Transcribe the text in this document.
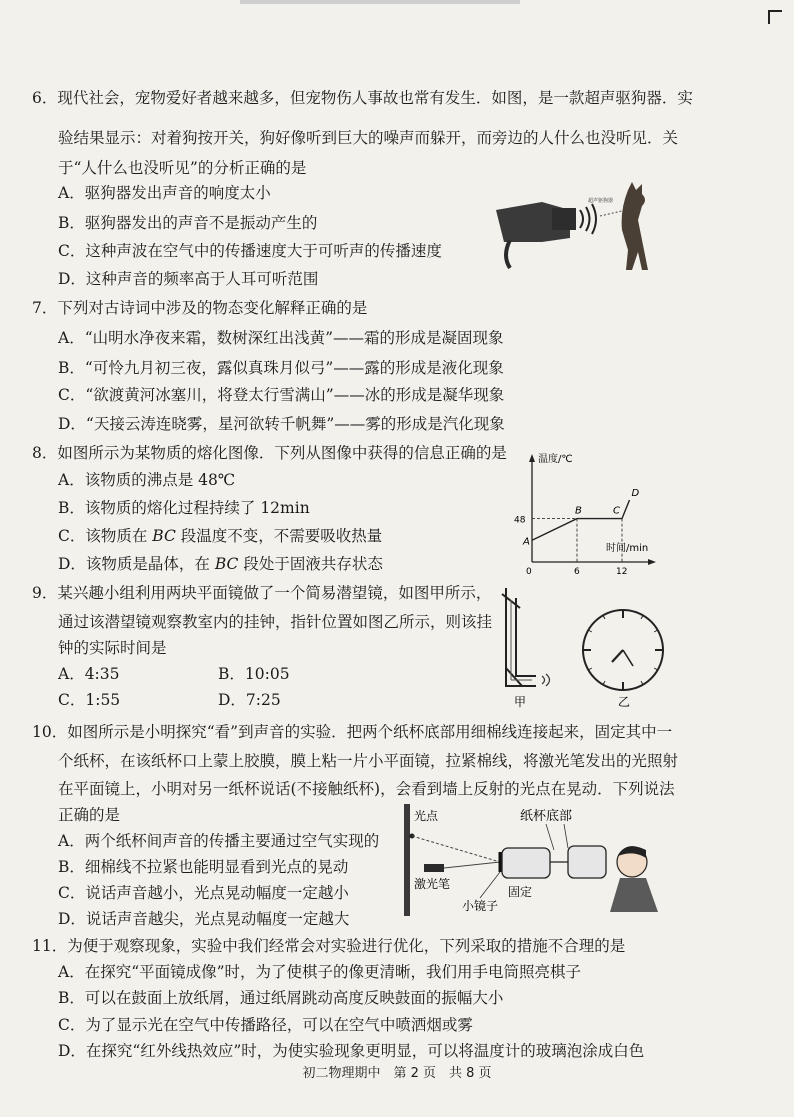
6．现代社会，宠物爱好者越来越多，但宠物伤人事故也常有发生．如图，是一款超声驱狗器．实
验结果显示：对着狗按开关，狗好像听到巨大的噪声而躲开，而旁边的人什么也没听见．关
于“人什么也没听见”的分析正确的是
A．驱狗器发出声音的响度太小
B．驱狗器发出的声音不是振动产生的
C．这种声波在空气中的传播速度大于可听声的传播速度
D．这种声音的频率高于人耳可听范围
超声驱狗器
7．下列对古诗词中涉及的物态变化解释正确的是
A．“山明水净夜来霜，数树深红出浅黄”——霜的形成是凝固现象
B．“可怜九月初三夜，露似真珠月似弓”——露的形成是液化现象
C．“欲渡黄河冰塞川，将登太行雪满山”——冰的形成是凝华现象
D．“天接云涛连晓雾，星河欲转千帆舞”——雾的形成是汽化现象
8．如图所示为某物质的熔化图像．下列从图像中获得的信息正确的是
A．该物质的沸点是 48℃
B．该物质的熔化过程持续了 12min
C．该物质在 BC 段温度不变，不需要吸收热量
D．该物质是晶体，在 BC 段处于固液共存状态
温度/℃
时间/min
48
0	6	12
A
B	C
D
9．某兴趣小组利用两块平面镜做了一个简易潜望镜，如图甲所示，
通过该潜望镜观察教室内的挂钟，指针位置如图乙所示，则该挂
钟的实际时间是
A．4:35	B．10:05
C．1:55	D．7:25	甲	乙
10．如图所示是小明探究“看”到声音的实验．把两个纸杯底部用细棉线连接起来，固定其中一
个纸杯，在该纸杯口上蒙上胶膜，膜上粘一片小平面镜，拉紧棉线，将激光笔发出的光照射
在平面镜上，小明对另一纸杯说话(不接触纸杯)，会看到墙上反射的光点在晃动．下列说法
正确的是
A．两个纸杯间声音的传播主要通过空气实现的
B．细棉线不拉紧也能明显看到光点的晃动
C．说话声音越小，光点晃动幅度一定越小
D．说话声音越尖，光点晃动幅度一定越大
光点
激光笔
小镜子
纸杯底部
固定
11．为便于观察现象，实验中我们经常会对实验进行优化，下列采取的措施不合理的是
A．在探究“平面镜成像”时，为了使棋子的像更清晰，我们用手电筒照亮棋子
B．可以在鼓面上放纸屑，通过纸屑跳动高度反映鼓面的振幅大小
C．为了显示光在空气中传播路径，可以在空气中喷洒烟或雾
D．在探究“红外线热效应”时，为使实验现象更明显，可以将温度计的玻璃泡涂成白色
初二物理期中　第 2 页　共 8 页
